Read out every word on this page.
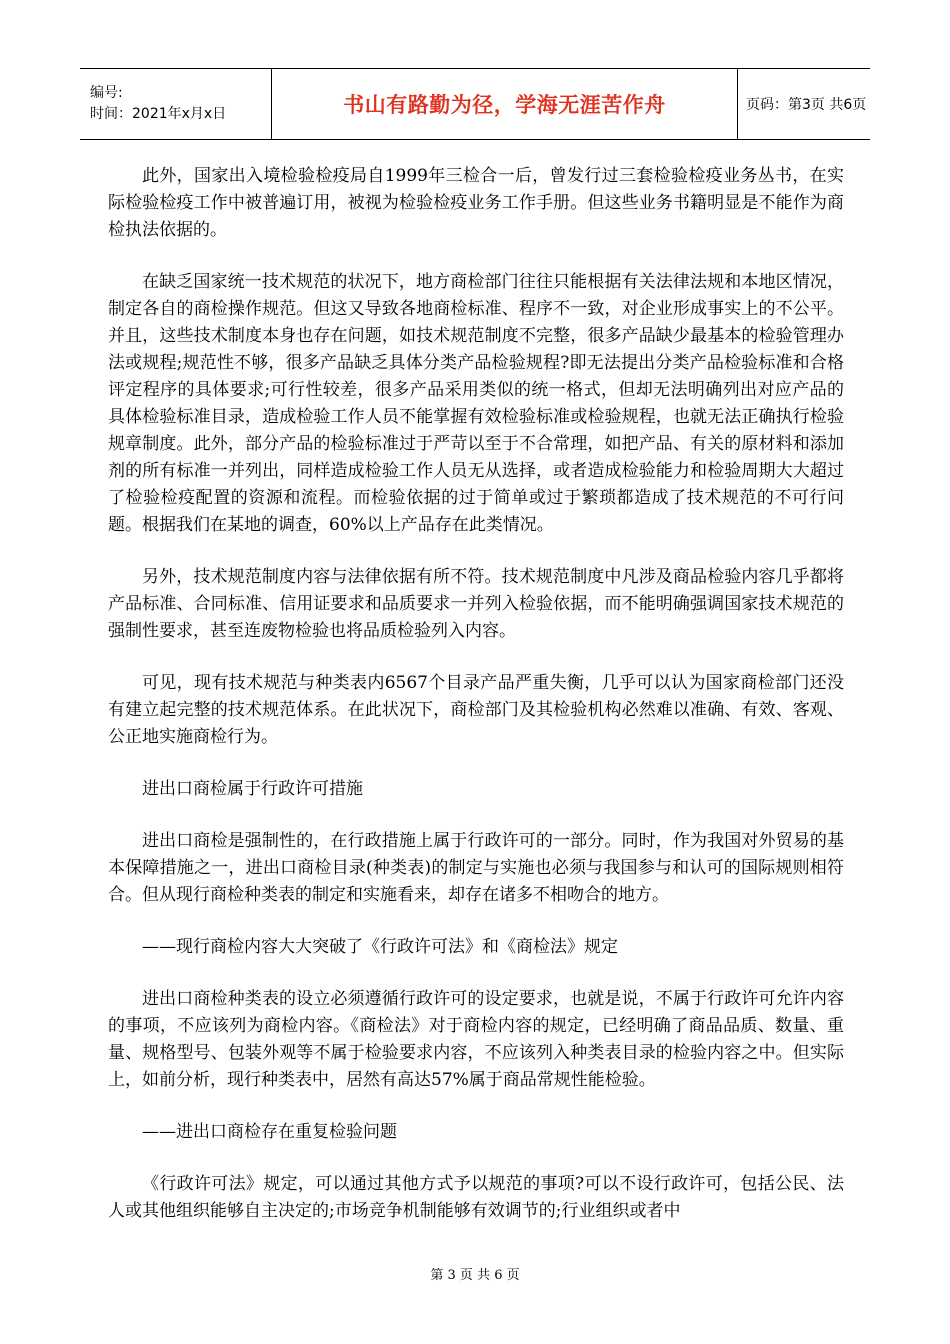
编号:
时间：2021年x月x日	书山有路勤为径，学海无涯苦作舟	页码：第3页 共6页

此外，国家出入境检验检疫局自1999年三检合一后，曾发行过三套检验检疫业务丛书，在实际检验检疫工作中被普遍订用，被视为检验检疫业务工作手册。但这些业务书籍明显是不能作为商检执法依据的。

在缺乏国家统一技术规范的状况下，地方商检部门往往只能根据有关法律法规和本地区情况，制定各自的商检操作规范。但这又导致各地商检标准、程序不一致，对企业形成事实上的不公平。并且，这些技术制度本身也存在问题，如技术规范制度不完整，很多产品缺少最基本的检验管理办法或规程;规范性不够，很多产品缺乏具体分类产品检验规程?即无法提出分类产品检验标准和合格评定程序的具体要求;可行性较差，很多产品采用类似的统一格式，但却无法明确列出对应产品的具体检验标准目录，造成检验工作人员不能掌握有效检验标准或检验规程，也就无法正确执行检验规章制度。此外，部分产品的检验标准过于严苛以至于不合常理，如把产品、有关的原材料和添加剂的所有标准一并列出，同样造成检验工作人员无从选择，或者造成检验能力和检验周期大大超过了检验检疫配置的资源和流程。而检验依据的过于简单或过于繁琐都造成了技术规范的不可行问题。根据我们在某地的调查，60%以上产品存在此类情况。

另外，技术规范制度内容与法律依据有所不符。技术规范制度中凡涉及商品检验内容几乎都将产品标准、合同标准、信用证要求和品质要求一并列入检验依据，而不能明确强调国家技术规范的强制性要求，甚至连废物检验也将品质检验列入内容。

可见，现有技术规范与种类表内6567个目录产品严重失衡，几乎可以认为国家商检部门还没有建立起完整的技术规范体系。在此状况下，商检部门及其检验机构必然难以准确、有效、客观、公正地实施商检行为。

进出口商检属于行政许可措施

进出口商检是强制性的，在行政措施上属于行政许可的一部分。同时，作为我国对外贸易的基本保障措施之一，进出口商检目录(种类表)的制定与实施也必须与我国参与和认可的国际规则相符合。但从现行商检种类表的制定和实施看来，却存在诸多不相吻合的地方。

——现行商检内容大大突破了《行政许可法》和《商检法》规定

进出口商检种类表的设立必须遵循行政许可的设定要求，也就是说，不属于行政许可允许内容的事项，不应该列为商检内容。《商检法》对于商检内容的规定，已经明确了商品品质、数量、重量、规格型号、包装外观等不属于检验要求内容，不应该列入种类表目录的检验内容之中。但实际上，如前分析，现行种类表中，居然有高达57%属于商品常规性能检验。

——进出口商检存在重复检验问题

《行政许可法》规定，可以通过其他方式予以规范的事项?可以不设行政许可，包括公民、法人或其他组织能够自主决定的;市场竞争机制能够有效调节的;行业组织或者中

第 3 页 共 6 页
